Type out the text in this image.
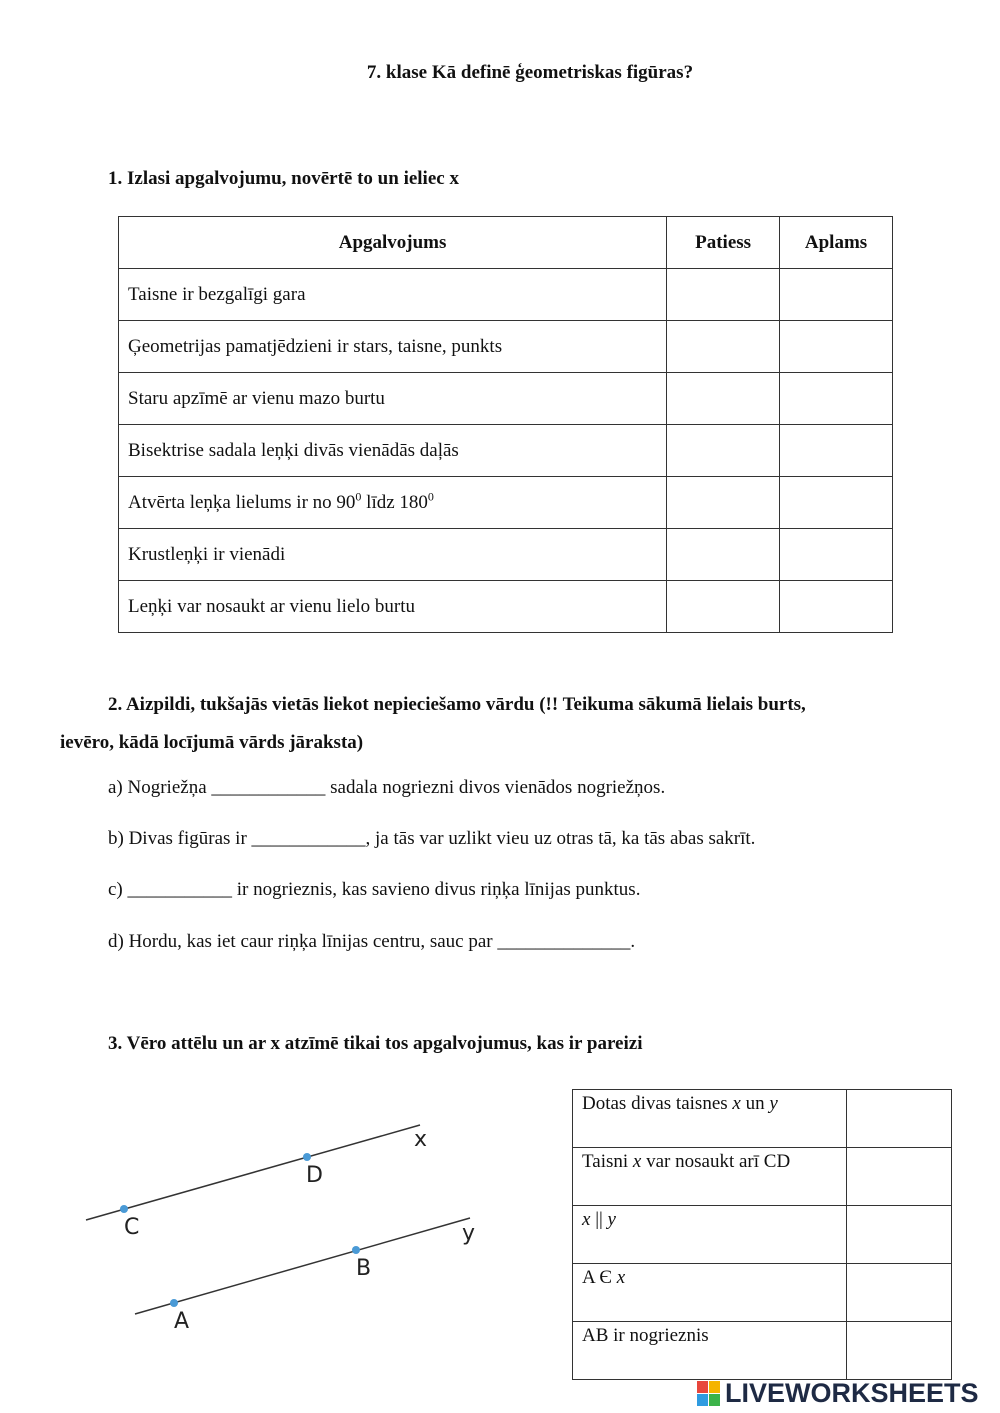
7. klase Kā definē ģeometriskas figūras?
1. Izlasi apgalvojumu, novērtē to un ieliec x
Apgalvojums	Patiess	Aplams
Taisne ir bezgalīgi gara		
Ģeometrijas pamatjēdzieni ir stars, taisne, punkts		
Staru apzīmē ar vienu mazo burtu		
Bisektrise sadala leņķi divās vienādās daļās		
Atvērta leņķa lielums ir no $90^0$ līdz $180^0$		
Krustleņķi ir vienādi		
Leņķi var nosaukt ar vienu lielo burtu		
2. Aizpildi, tukšajās vietās liekot nepieciešamo vārdu (!! Teikuma sākumā lielais burts,
ievēro, kādā locījumā vārds jāraksta)
a) Nogriežņa ____________ sadala nogriezni divos vienādos nogriežņos.
b) Divas figūras ir ____________, ja tās var uzlikt vieu uz otras tā, ka tās abas sakrīt.
c) ___________ ir nogrieznis, kas savieno divus riņķa līnijas punktus.
d) Hordu, kas iet caur riņķa līnijas centru, sauc par ______________.
3. Vēro attēlu un ar x atzīmē tikai tos apgalvojumus, kas ir pareizi
x
y
C
D
A
B
Dotas divas taisnes x un y	
Taisni x var nosaukt arī CD	
x || y	
A Є x	
AB ir nogrieznis	
LIVEWORKSHEETS
